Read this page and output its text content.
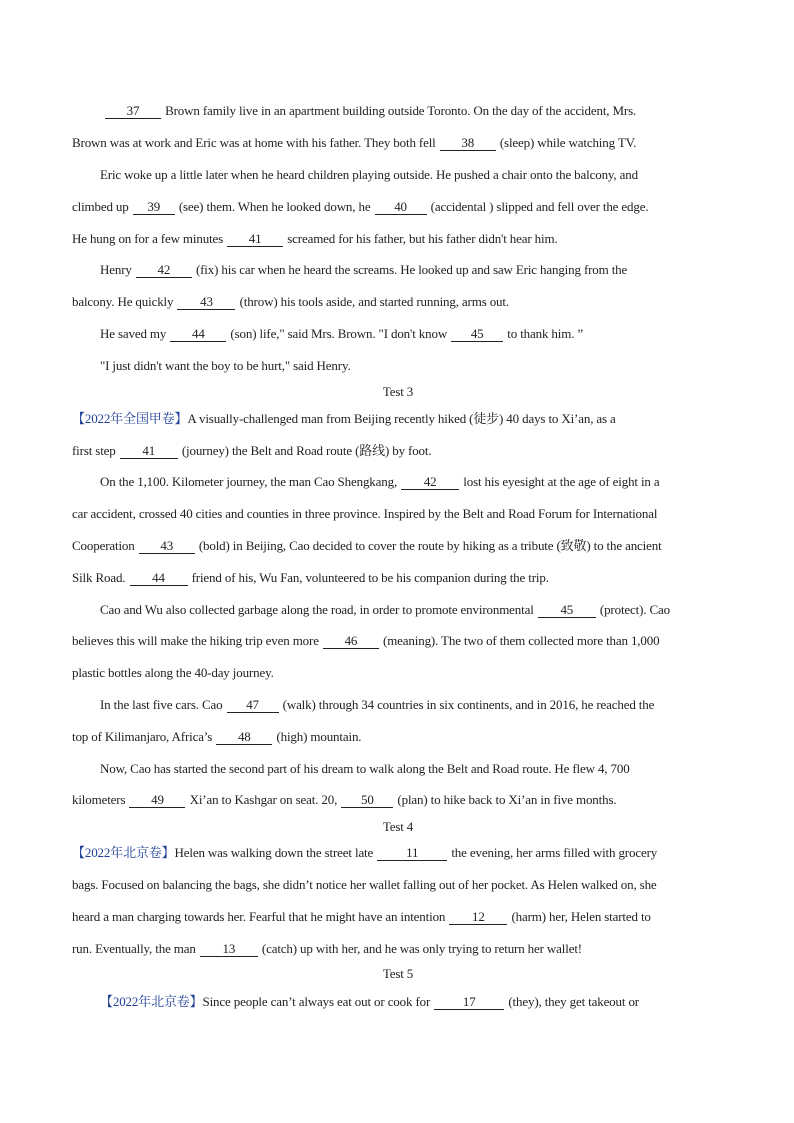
37 Brown family live in an apartment building outside Toronto. On the day of the accident, Mrs.
Brown was at work and Eric was at home with his father. They both fell 38 (sleep) while watching TV.
Eric woke up a little later when he heard children playing outside. He pushed a chair onto the balcony, and
climbed up 39 (see) them. When he looked down, he 40 (accidental ) slipped and fell over the edge.
He hung on for a few minutes 41 screamed for his father, but his father didn't hear him.
Henry 42 (fix) his car when he heard the screams. He looked up and saw Eric hanging from the
balcony. He quickly 43 (throw) his tools aside, and started running, arms out.
He saved my 44 (son) life," said Mrs. Brown. "I don't know 45 to thank him. ”
"I just didn't want the boy to be hurt," said Henry.
Test 3
【2022年全国甲卷】A visually-challenged man from Beijing recently hiked (徒步) 40 days to Xi’an, as a
first step 41 (journey) the Belt and Road route (路线) by foot.
On the 1,100. Kilometer journey, the man Cao Shengkang, 42 lost his eyesight at the age of eight in a
car accident, crossed 40 cities and counties in three province. Inspired by the Belt and Road Forum for International
Cooperation 43 (bold) in Beijing, Cao decided to cover the route by hiking as a tribute (致敬) to the ancient
Silk Road. 44 friend of his, Wu Fan, volunteered to be his companion during the trip.
Cao and Wu also collected garbage along the road, in order to promote environmental 45 (protect). Cao
believes this will make the hiking trip even more 46 (meaning). The two of them collected more than 1,000
plastic bottles along the 40-day journey.
In the last five cars. Cao 47 (walk) through 34 countries in six continents, and in 2016, he reached the
top of Kilimanjaro, Africa’s 48 (high) mountain.
Now, Cao has started the second part of his dream to walk along the Belt and Road route. He flew 4, 700
kilometers 49 Xi’an to Kashgar on seat. 20, 50 (plan) to hike back to Xi’an in five months.
Test 4
【2022年北京卷】Helen was walking down the street late 11 the evening, her arms filled with grocery
bags. Focused on balancing the bags, she didn’t notice her wallet falling out of her pocket. As Helen walked on, she
heard a man charging towards her. Fearful that he might have an intention 12 (harm) her, Helen started to
run. Eventually, the man 13 (catch) up with her, and he was only trying to return her wallet!
Test 5
【2022年北京卷】Since people can’t always eat out or cook for 17 (they), they get takeout or
